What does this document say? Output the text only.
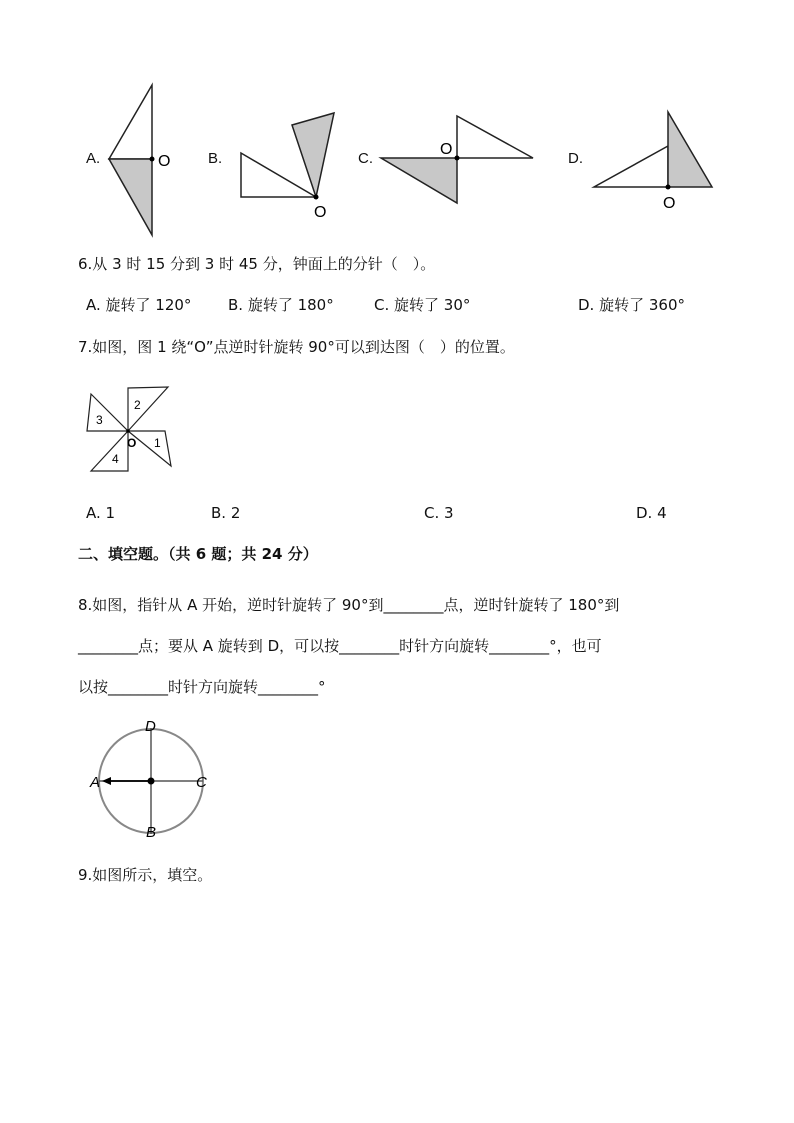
A.	O	B.
O
C.
O
D.
O
6.从 3 时 15 分到 3 时 45 分，钟面上的分针（　）。
A. 旋转了 120° B. 旋转了 180°	C. 旋转了 30°	D. 旋转了 360°
7.如图，图 1 绕“O”点逆时针旋转 90°可以到达图（　）的位置。
2
3
4
1
O
A. 1	B. 2	C. 3	D. 4
二、填空题。（共 6 题；共 24 分）
8.如图，指针从 A 开始，逆时针旋转了 90°到________点，逆时针旋转了 180°到
________点；要从 A 旋转到 D，可以按________时针方向旋转________°，也可
以按________时针方向旋转________°
D
B
A	C
9.如图所示，填空。
